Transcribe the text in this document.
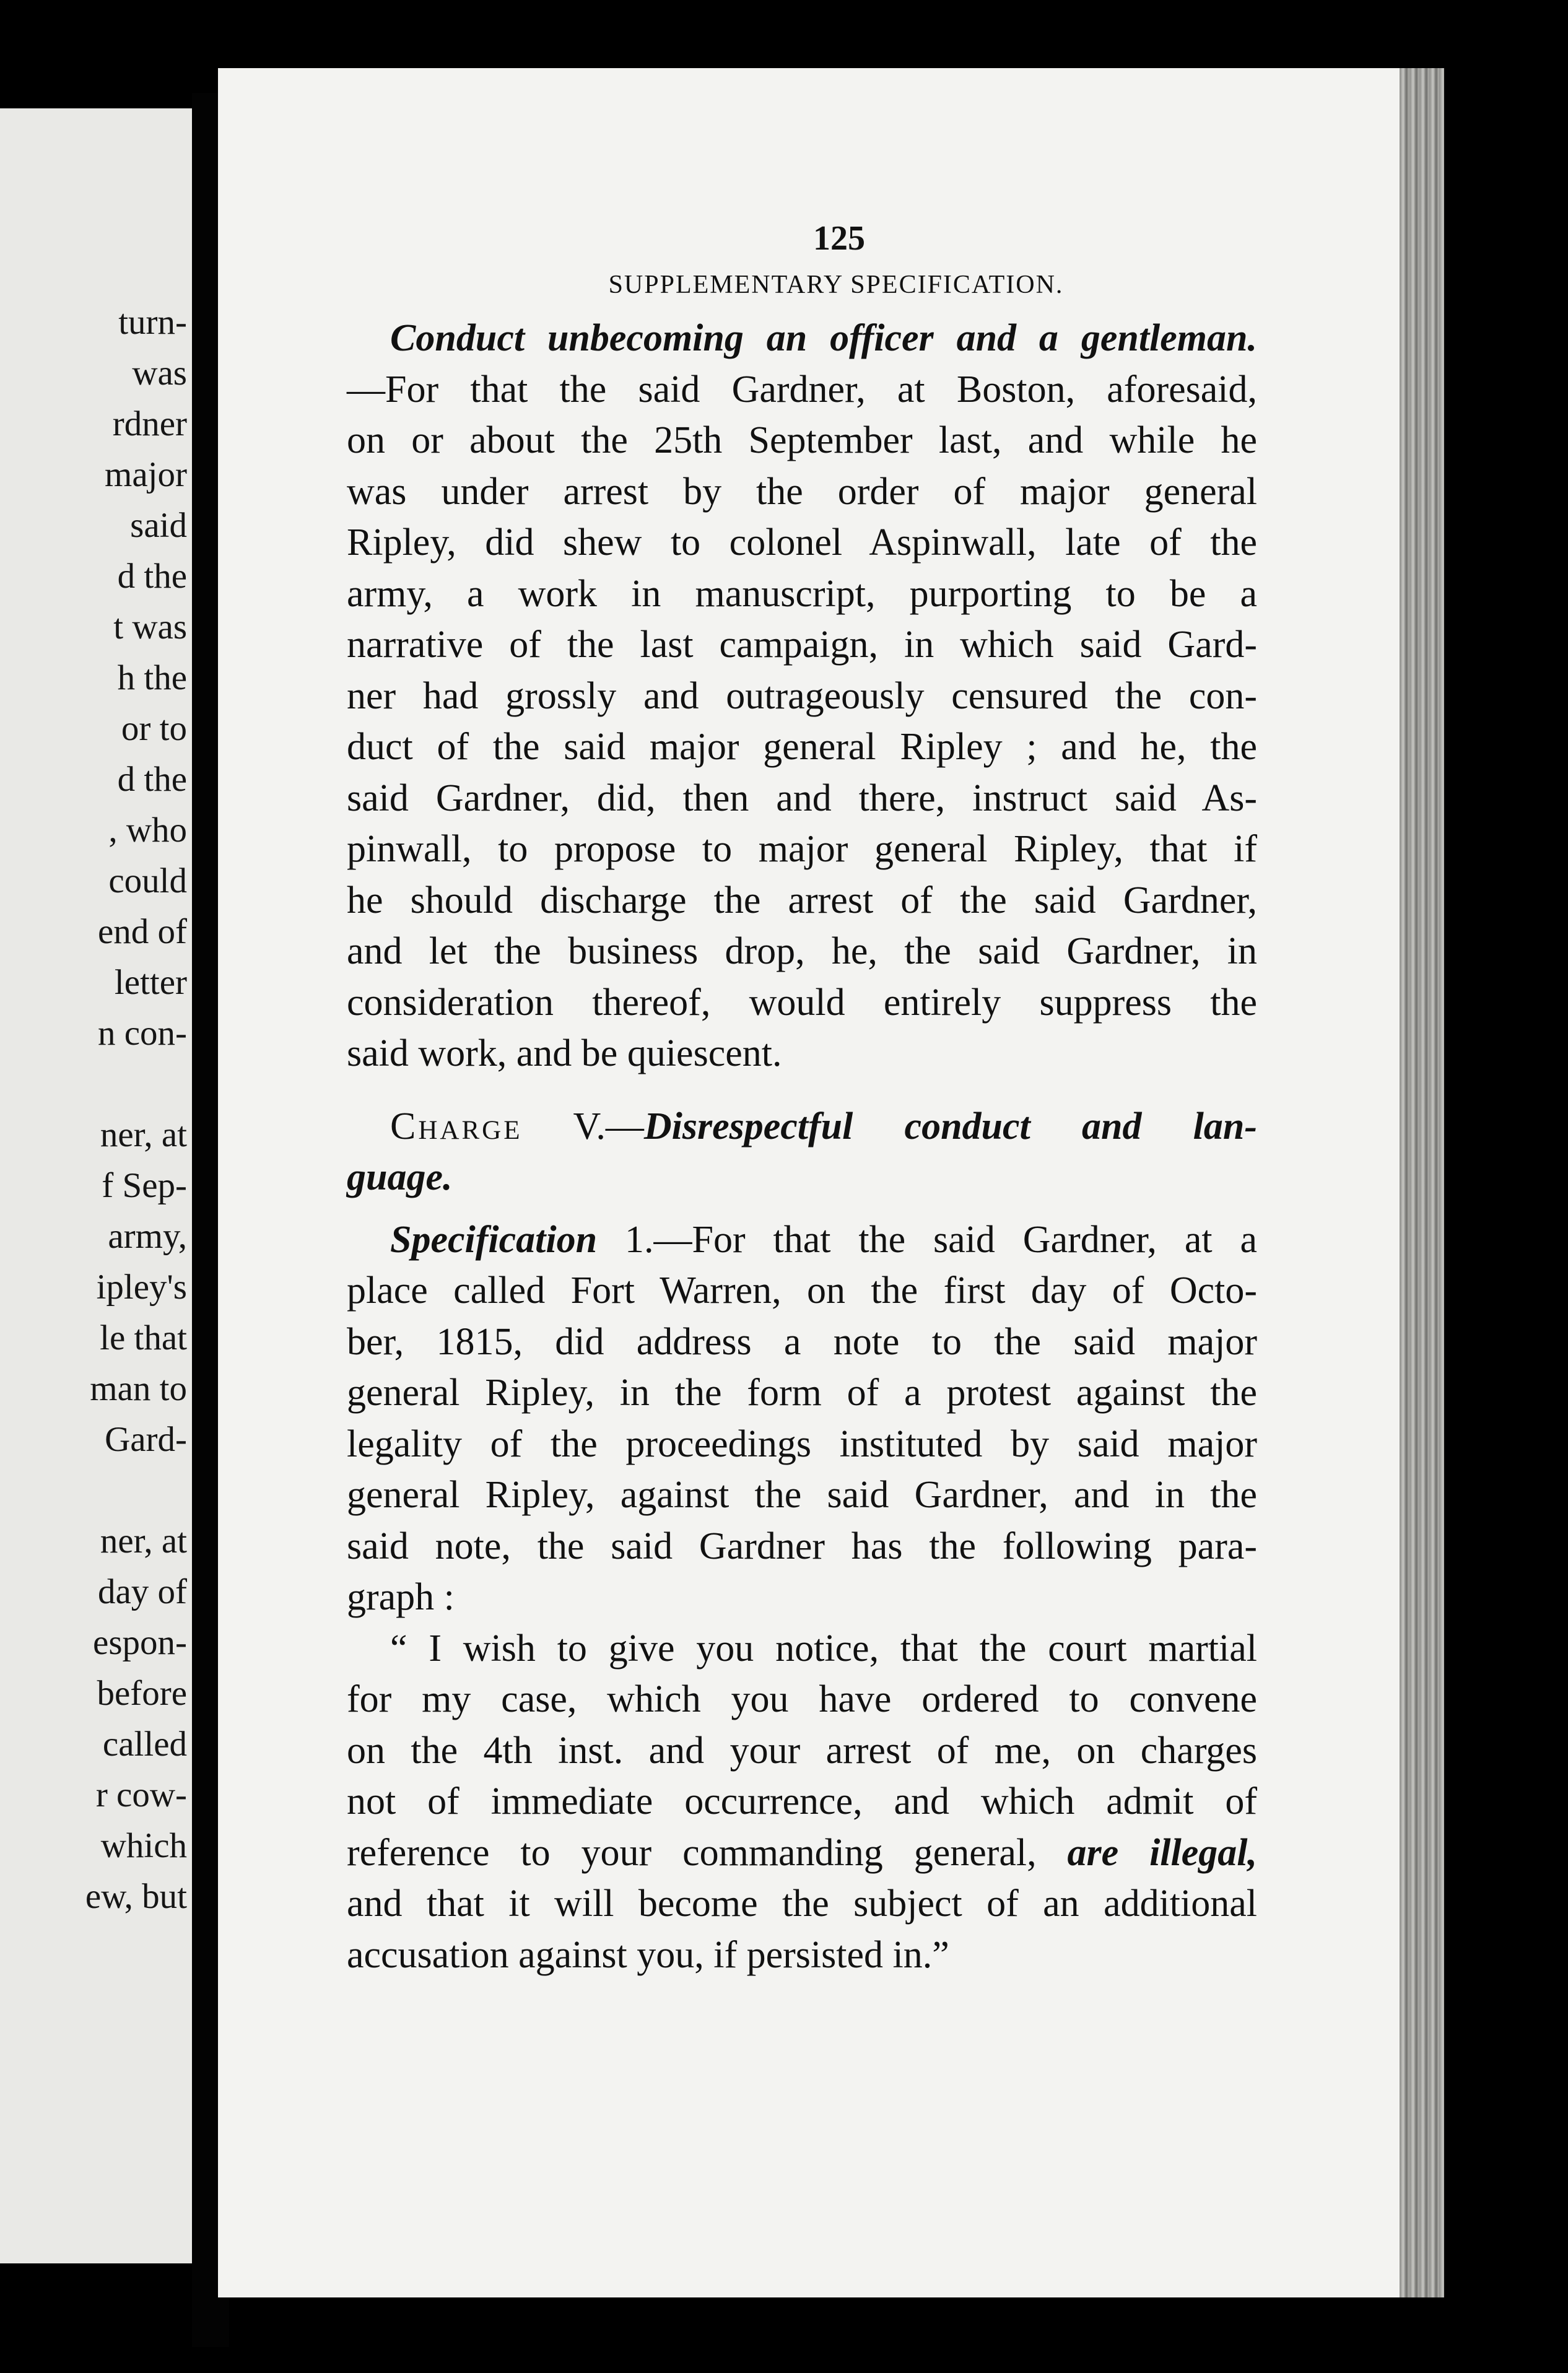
turn-
was
rdner
major
said
d the
t was
h the
or to
d the
, who
could
end of
letter
n con-
ner, at
f Sep-
army,
ipley's
le that
man to
Gard-
ner, at
day of
espon-
before
called
r cow-
which
ew, but
125
SUPPLEMENTARY SPECIFICATION.
Conduct unbecoming an officer and a gentleman.
—For that the said Gardner, at Boston, aforesaid,
on or about the 25th September last, and while he
was under arrest by the order of major general
Ripley, did shew to colonel Aspinwall, late of the
army, a work in manuscript, purporting to be a
narrative of the last campaign, in which said Gard-
ner had grossly and outrageously censured the con-
duct of the said major general Ripley ; and he, the
said Gardner, did, then and there, instruct said As-
pinwall, to propose to major general Ripley, that if
he should discharge the arrest of the said Gardner,
and let the business drop, he, the said Gardner, in
consideration thereof, would entirely suppress the
said work, and be quiescent.
Charge V.—Disrespectful conduct and lan-
guage.
Specification 1.—For that the said Gardner, at a
place called Fort Warren, on the first day of Octo-
ber, 1815, did address a note to the said major
general Ripley, in the form of a protest against the
legality of the proceedings instituted by said major
general Ripley, against the said Gardner, and in the
said note, the said Gardner has the following para-
graph :
“ I wish to give you notice, that the court martial
for my case, which you have ordered to convene
on the 4th inst. and your arrest of me, on charges
not of immediate occurrence, and which admit of
reference to your commanding general, are illegal,
and that it will become the subject of an additional
accusation against you, if persisted in.”
